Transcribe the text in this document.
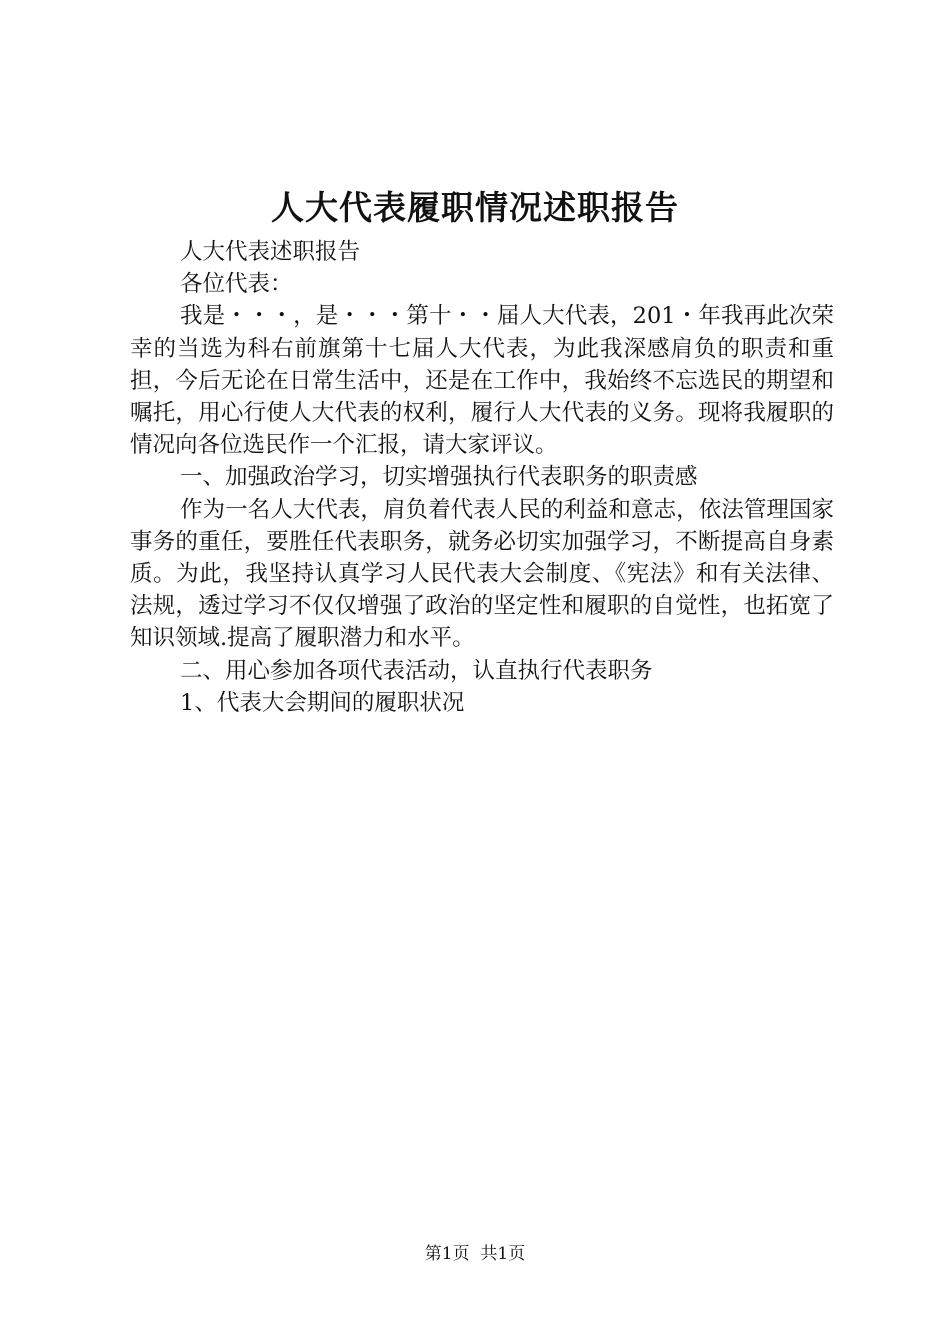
人大代表履职情况述职报告

人大代表述职报告

各位代表：

我是・・・，是・・・第十・・届人大代表，201・年我再此次荣幸的当选为科右前旗第十七届人大代表，为此我深感肩负的职责和重担，今后无论在日常生活中，还是在工作中，我始终不忘选民的期望和嘱托，用心行使人大代表的权利，履行人大代表的义务。现将我履职的情况向各位选民作一个汇报，请大家评议。

一、加强政治学习，切实增强执行代表职务的职责感

作为一名人大代表，肩负着代表人民的利益和意志，依法管理国家事务的重任，要胜任代表职务，就务必切实加强学习，不断提高自身素质。为此，我坚持认真学习人民代表大会制度、《宪法》和有关法律、法规，透过学习不仅仅增强了政治的坚定性和履职的自觉性，也拓宽了知识领域.提高了履职潜力和水平。

二、用心参加各项代表活动，认直执行代表职务

1、代表大会期间的履职状况

第1页 共1页
